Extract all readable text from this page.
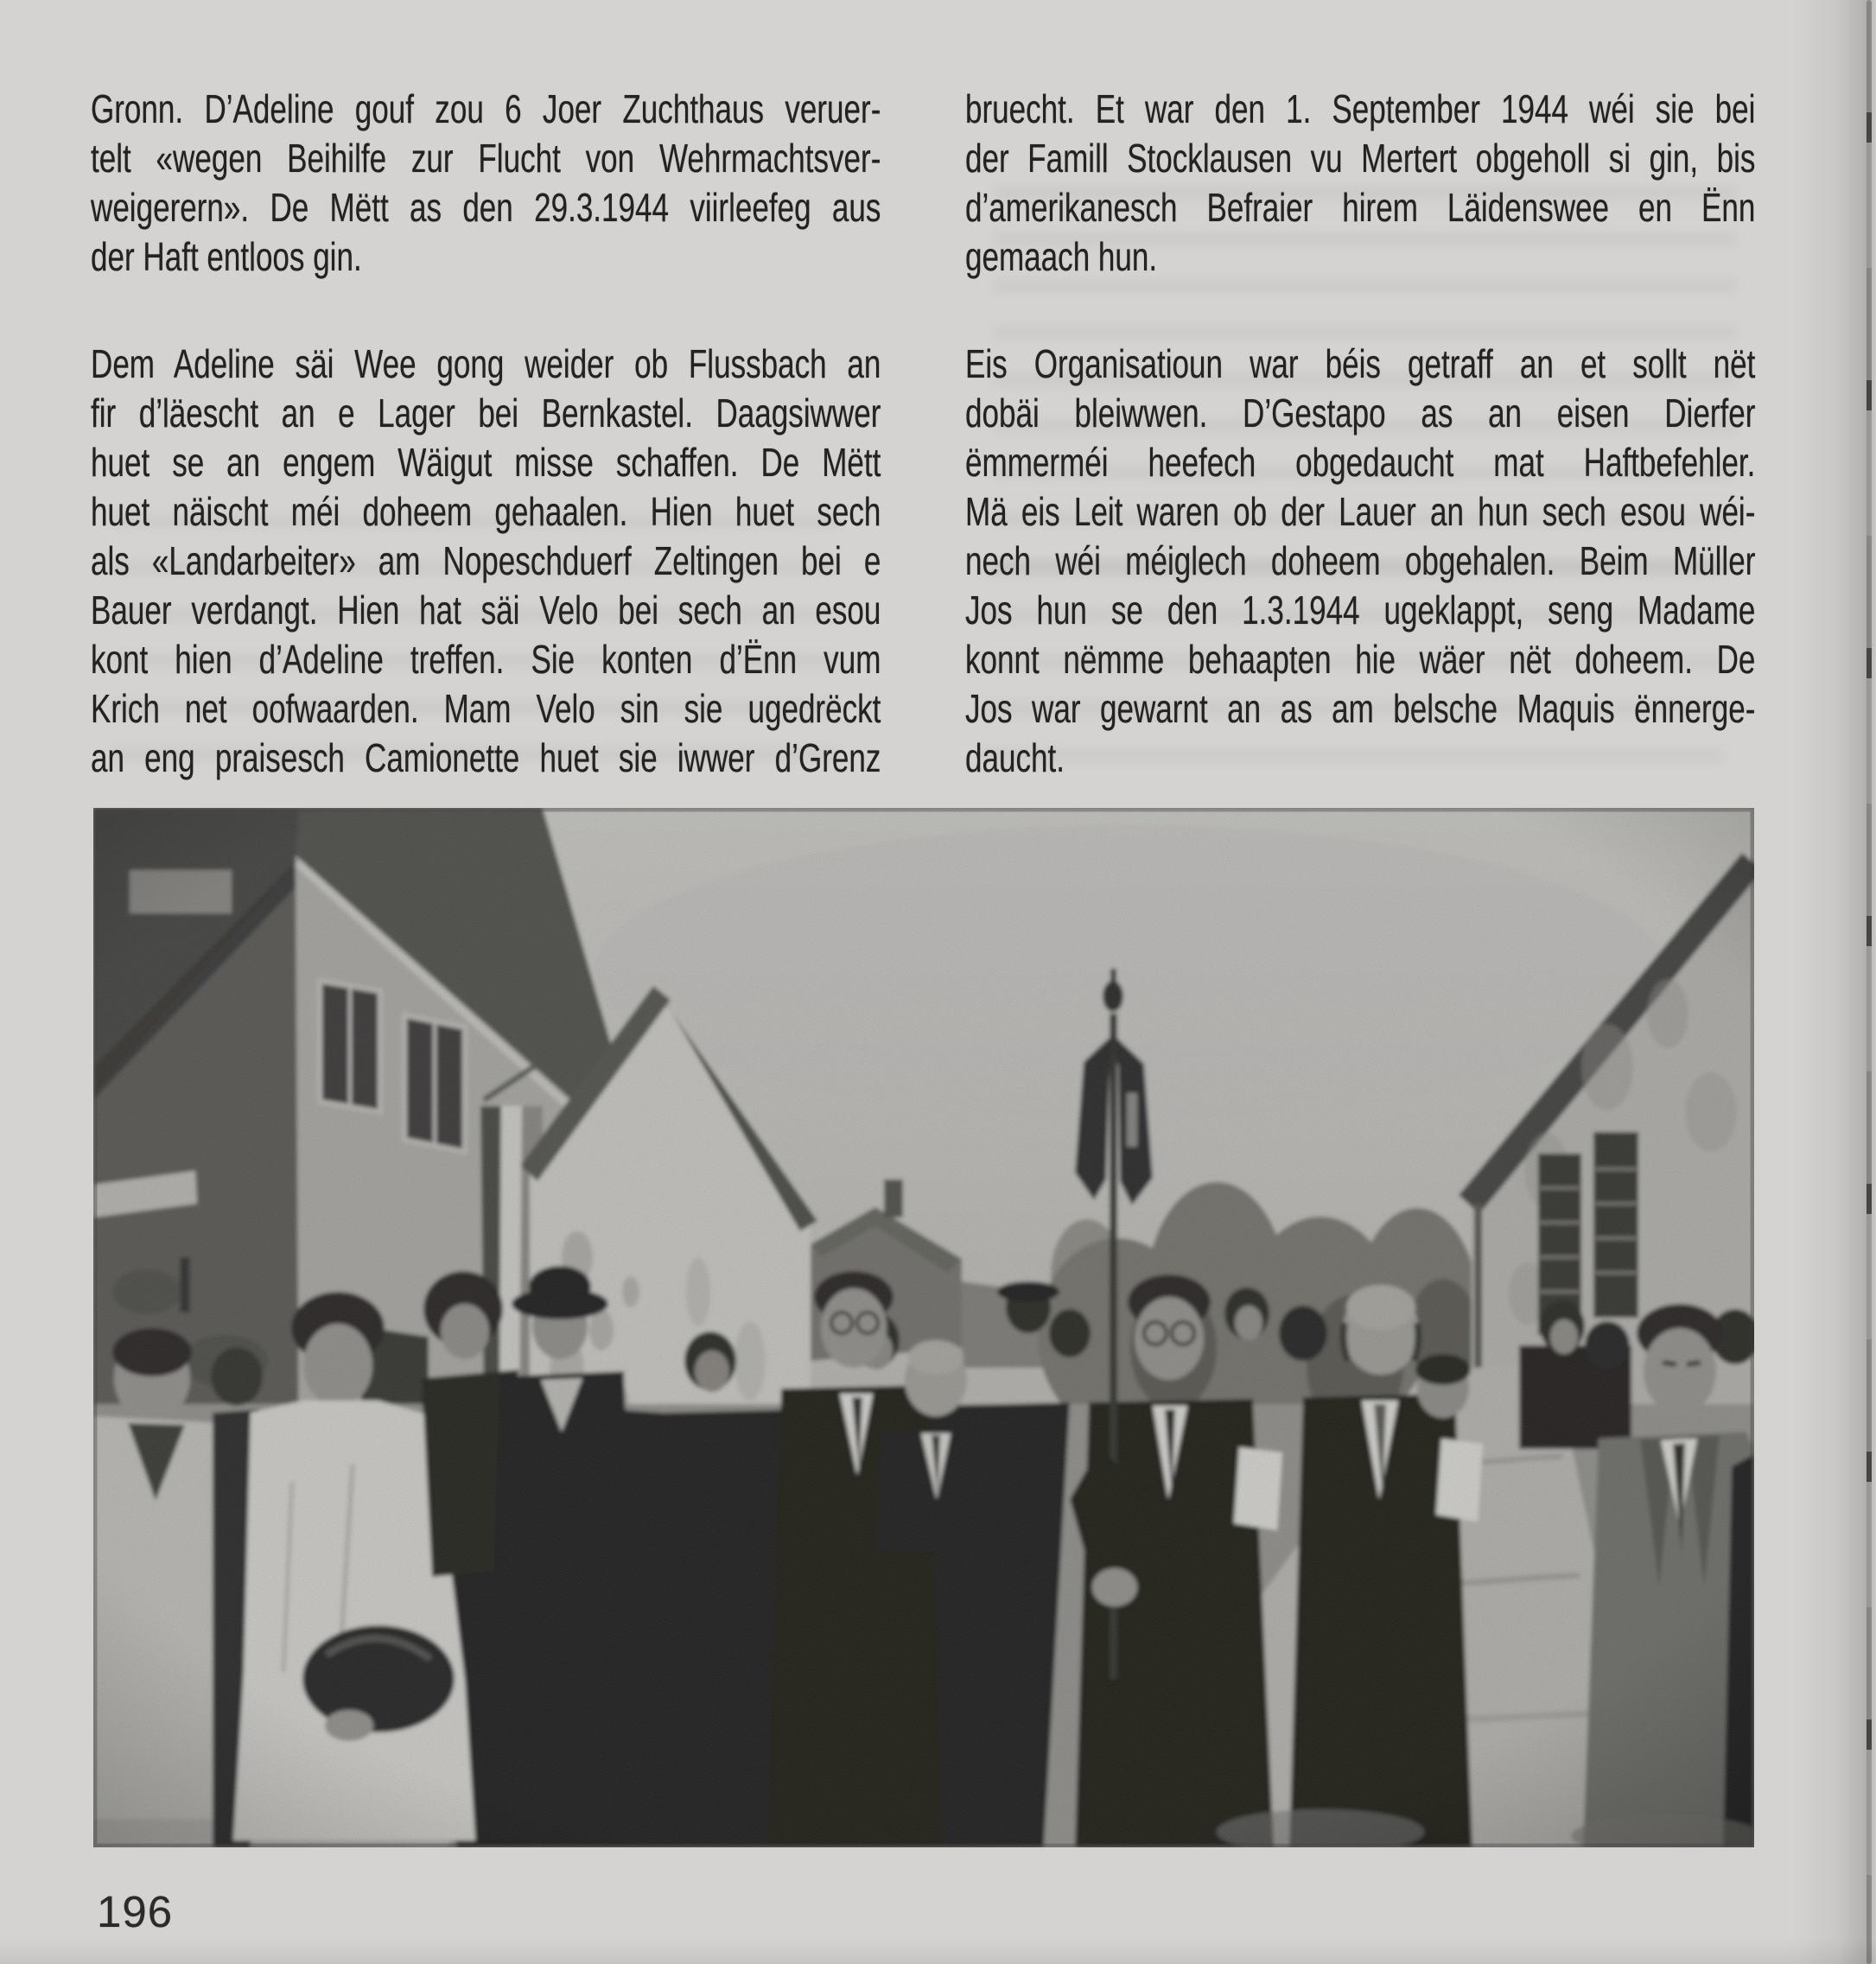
Gronn. D’Adeline gouf zou 6 Joer Zuchthaus veruer-
telt «wegen Beihilfe zur Flucht von Wehrmachtsver-
weigerern». De Mëtt as den 29.3.1944 viirleefeg aus
der Haft entloos gin.
Dem Adeline säi Wee gong weider ob Flussbach an
fir d’läescht an e Lager bei Bernkastel. Daagsiwwer
huet se an engem Wäigut misse schaffen. De Mëtt
huet näischt méi doheem gehaalen. Hien huet sech
als «Landarbeiter» am Nopeschduerf Zeltingen bei e
Bauer verdangt. Hien hat säi Velo bei sech an esou
kont hien d’Adeline treffen. Sie konten d’Ënn vum
Krich net oofwaarden. Mam Velo sin sie ugedrëckt
an eng praisesch Camionette huet sie iwwer d’Grenz
bruecht. Et war den 1. September 1944 wéi sie bei
der Famill Stocklausen vu Mertert obgeholl si gin, bis
d’amerikanesch Befraier hirem Läidenswee en Ënn
gemaach hun.
Eis Organisatioun war béis getraff an et sollt nët
dobäi bleiwwen. D’Gestapo as an eisen Dierfer
ëmmerméi heefech obgedaucht mat Haftbefehler.
Mä eis Leit waren ob der Lauer an hun sech esou wéi-
nech wéi méiglech doheem obgehalen. Beim Müller
Jos hun se den 1.3.1944 ugeklappt, seng Madame
konnt nëmme behaapten hie wäer nët doheem. De
Jos war gewarnt an as am belsche Maquis ënnerge-
daucht.
196
